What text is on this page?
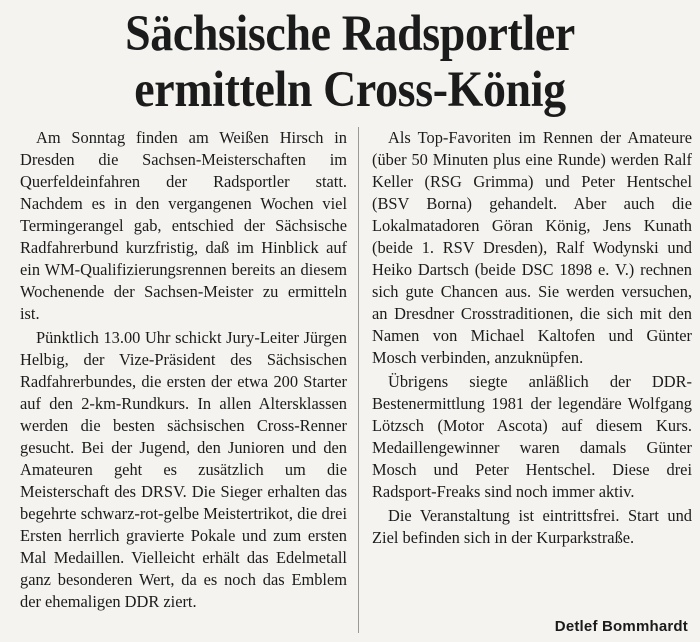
Sächsische Radsportler
ermitteln Cross-König

Am Sonntag finden am Weißen Hirsch in Dresden die Sachsen-Meisterschaften im Querfeldeinfahren der Radsportler statt. Nachdem es in den vergangenen Wochen viel Termingerangel gab, entschied der Sächsische Radfahrerbund kurzfristig, daß im Hinblick auf ein WM-Qualifizierungsrennen bereits an diesem Wochenende der Sachsen-Meister zu ermitteln ist.

Pünktlich 13.00 Uhr schickt Jury-Leiter Jürgen Helbig, der Vize-Präsident des Sächsischen Radfahrerbundes, die ersten der etwa 200 Starter auf den 2-km-Rundkurs. In allen Altersklassen werden die besten sächsischen Cross-Renner gesucht. Bei der Jugend, den Junioren und den Amateuren geht es zusätzlich um die Meisterschaft des DRSV. Die Sieger erhalten das begehrte schwarz-rot-gelbe Meistertrikot, die drei Ersten herrlich gravierte Pokale und zum ersten Mal Medaillen. Vielleicht erhält das Edelmetall ganz besonderen Wert, da es noch das Emblem der ehemaligen DDR ziert.

Als Top-Favoriten im Rennen der Amateure (über 50 Minuten plus eine Runde) werden Ralf Keller (RSG Grimma) und Peter Hentschel (BSV Borna) gehandelt. Aber auch die Lokalmatadoren Göran König, Jens Kunath (beide 1. RSV Dresden), Ralf Wodynski und Heiko Dartsch (beide DSC 1898 e. V.) rechnen sich gute Chancen aus. Sie werden versuchen, an Dresdner Crosstraditionen, die sich mit den Namen von Michael Kaltofen und Günter Mosch verbinden, anzuknüpfen.

Übrigens siegte anläßlich der DDR-Bestenermittlung 1981 der legendäre Wolfgang Lötzsch (Motor Ascota) auf diesem Kurs. Medaillengewinner waren damals Günter Mosch und Peter Hentschel. Diese drei Radsport-Freaks sind noch immer aktiv.

Die Veranstaltung ist eintrittsfrei. Start und Ziel befinden sich in der Kurparkstraße.

Detlef Bommhardt
